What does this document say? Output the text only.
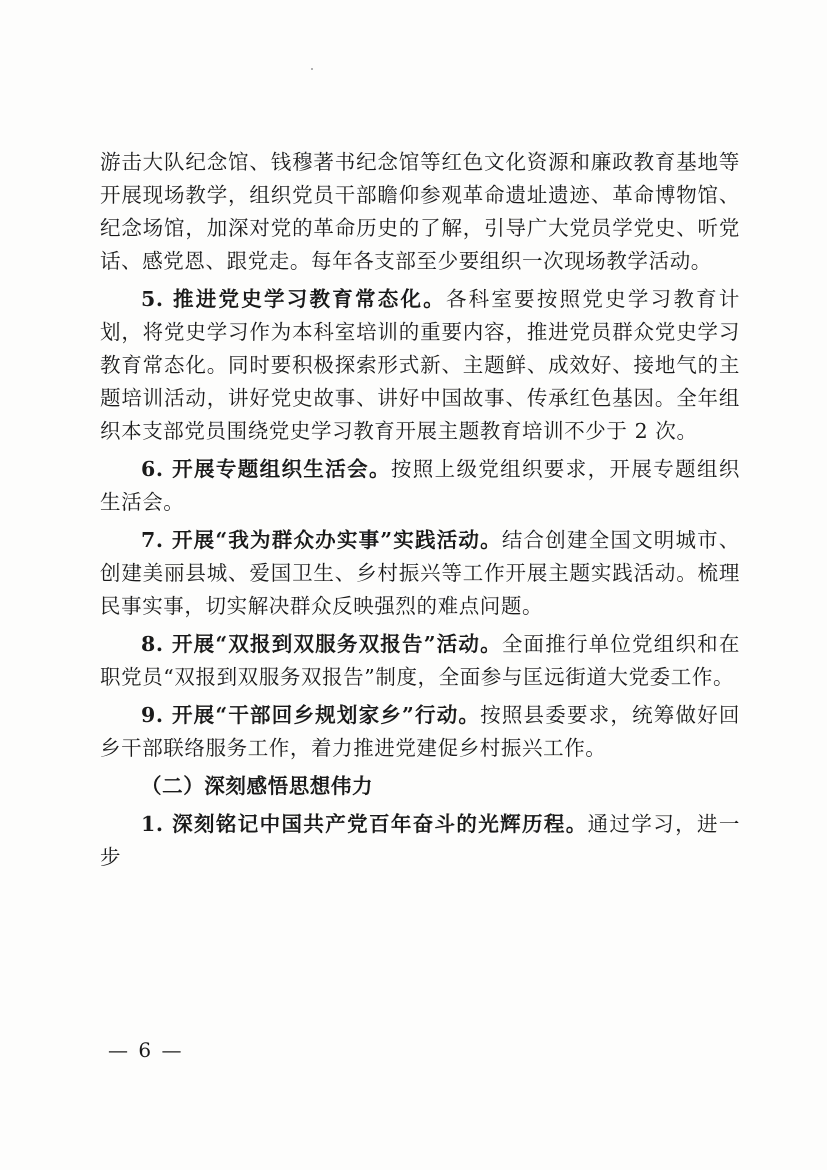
游击大队纪念馆、钱穆著书纪念馆等红色文化资源和廉政教育基地等开展现场教学，组织党员干部瞻仰参观革命遗址遗迹、革命博物馆、纪念场馆，加深对党的革命历史的了解，引导广大党员学党史、听党话、感党恩、跟党走。每年各支部至少要组织一次现场教学活动。

5. 推进党史学习教育常态化。各科室要按照党史学习教育计划，将党史学习作为本科室培训的重要内容，推进党员群众党史学习教育常态化。同时要积极探索形式新、主题鲜、成效好、接地气的主题培训活动，讲好党史故事、讲好中国故事、传承红色基因。全年组织本支部党员围绕党史学习教育开展主题教育培训不少于 2 次。

6. 开展专题组织生活会。按照上级党组织要求，开展专题组织生活会。

7. 开展“我为群众办实事”实践活动。结合创建全国文明城市、创建美丽县城、爱国卫生、乡村振兴等工作开展主题实践活动。梳理民事实事，切实解决群众反映强烈的难点问题。

8. 开展“双报到双服务双报告”活动。全面推行单位党组织和在职党员“双报到双服务双报告”制度，全面参与匡远街道大党委工作。

9. 开展“干部回乡规划家乡”行动。按照县委要求，统筹做好回乡干部联络服务工作，着力推进党建促乡村振兴工作。

（二）深刻感悟思想伟力

1. 深刻铭记中国共产党百年奋斗的光辉历程。通过学习，进一步

— 6 —
